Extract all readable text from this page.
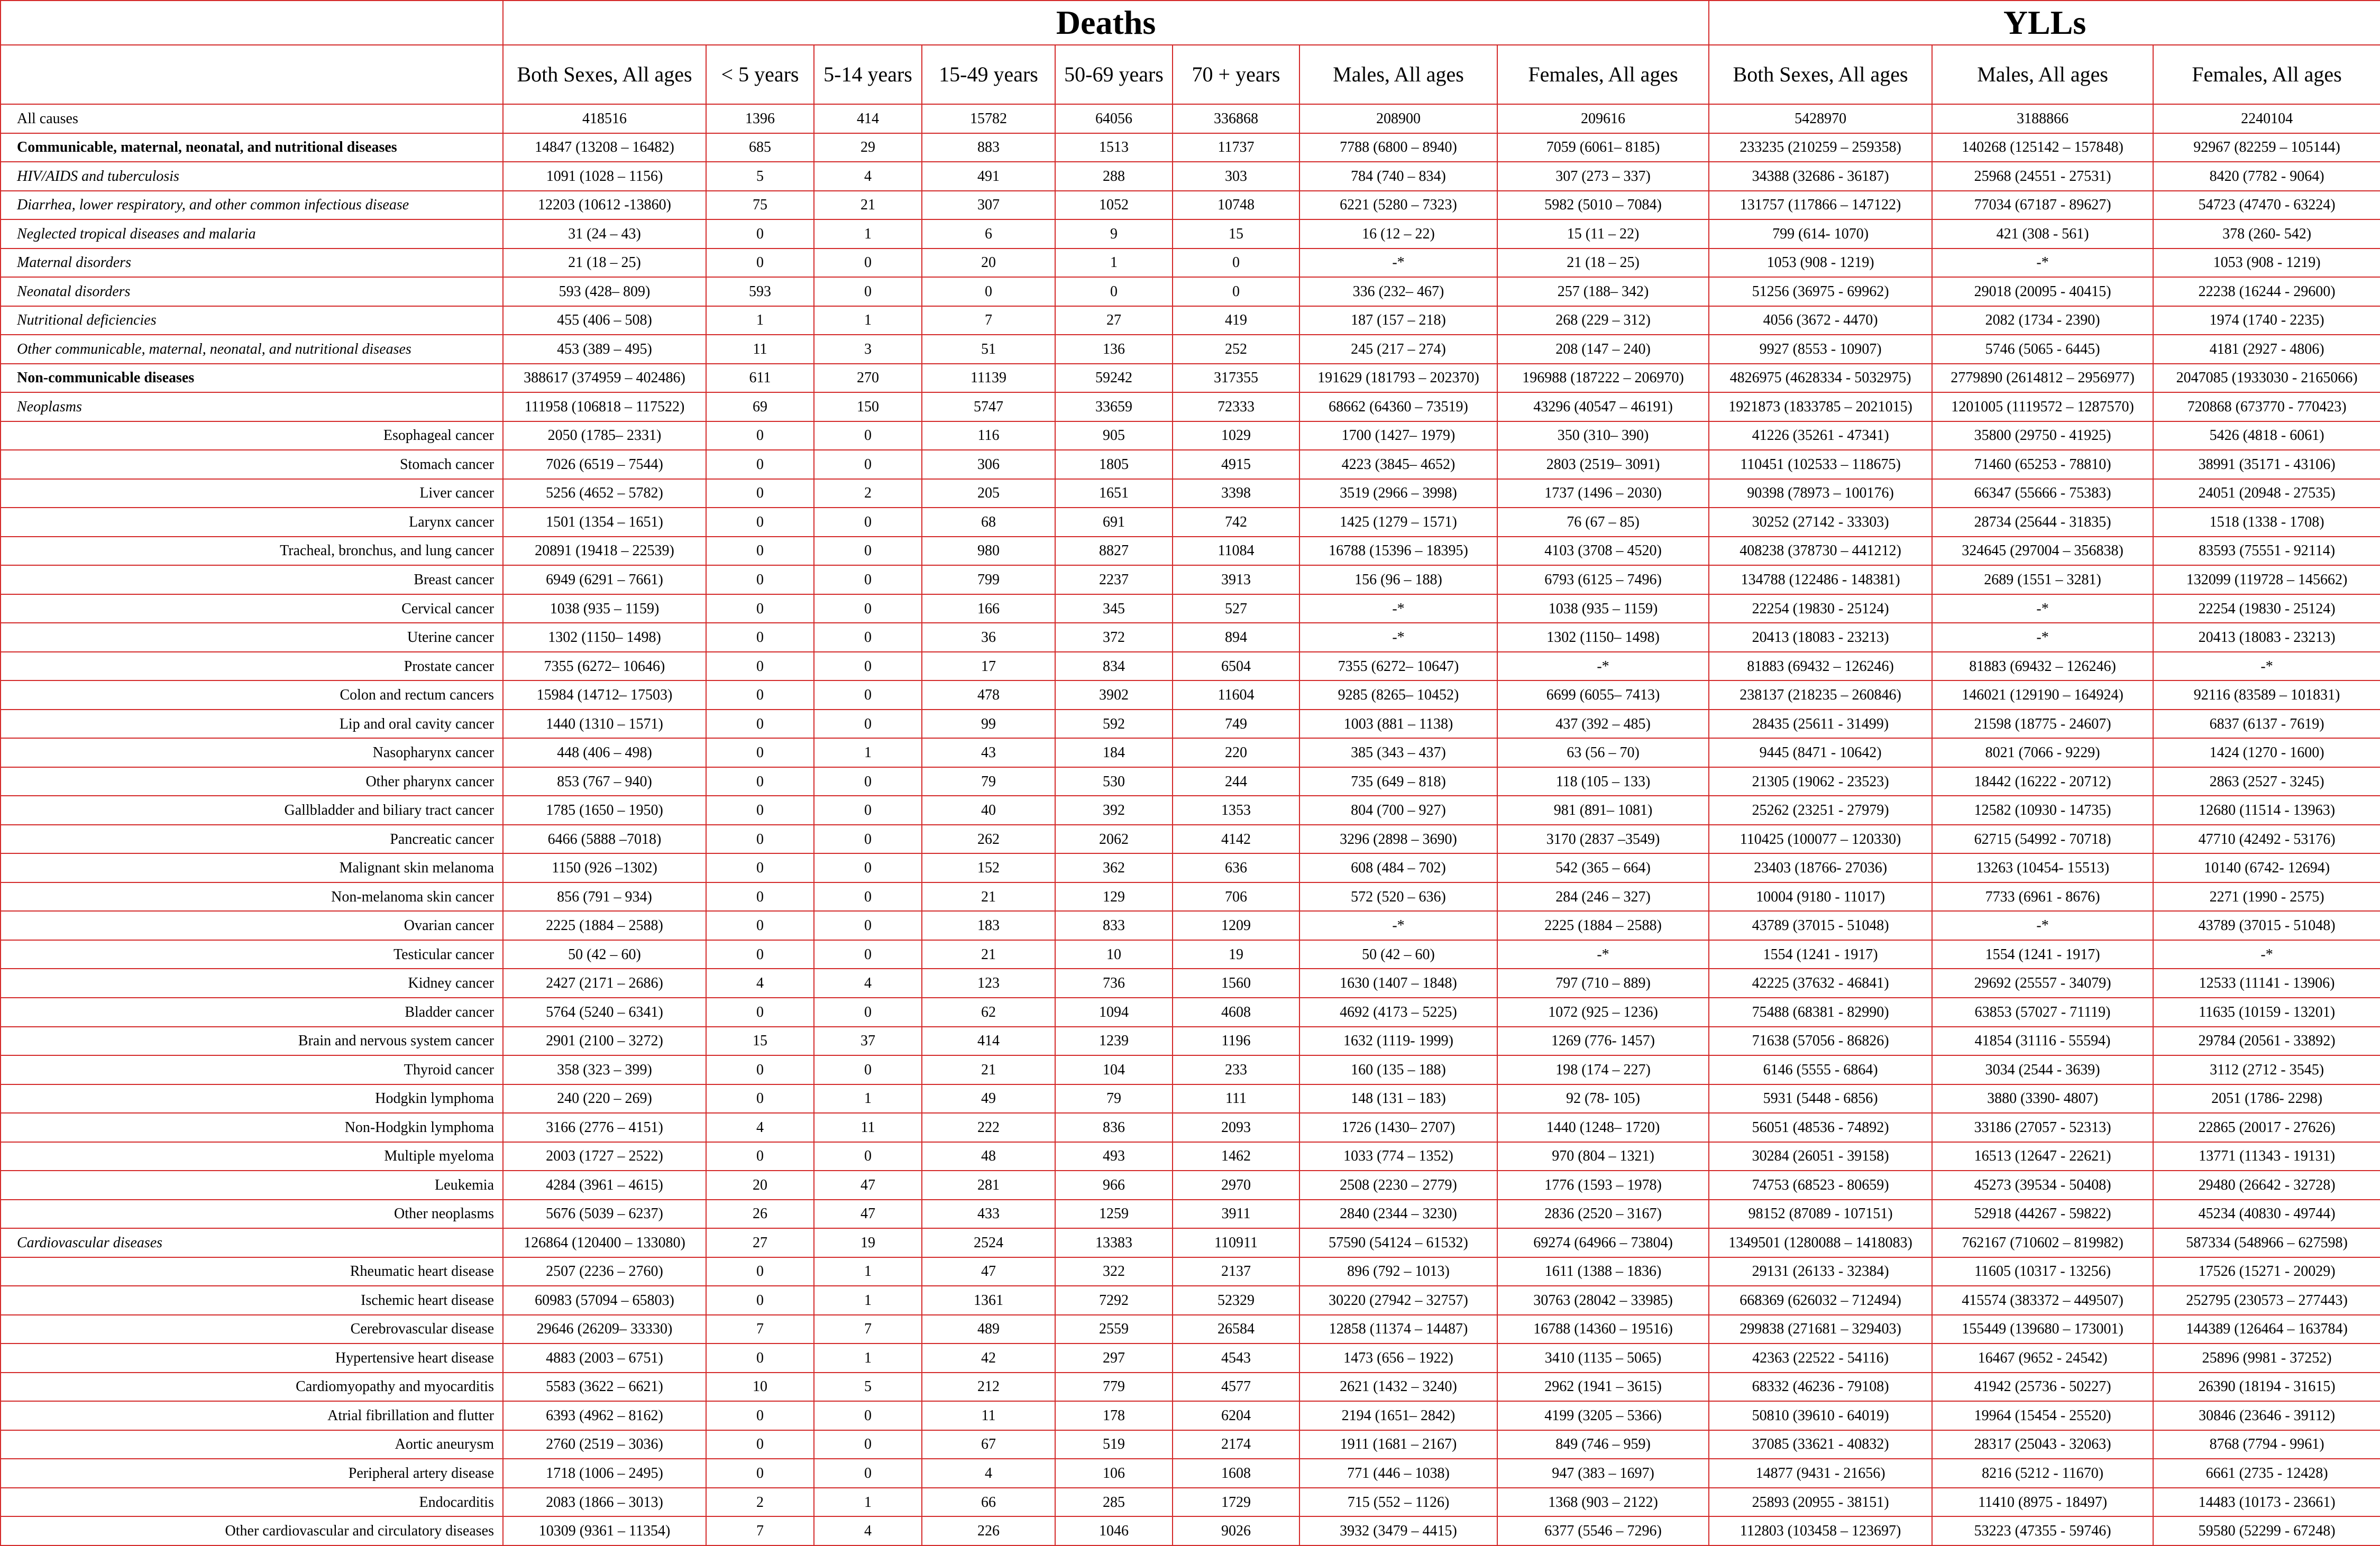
	Deaths								YLLs		
	Both Sexes, All ages	< 5 years	5-14 years	15-49 years	50-69 years	70 + years	Males, All ages	Females, All ages	Both Sexes, All ages	Males, All ages	Females, All ages
All causes	418516	1396	414	15782	64056	336868	208900	209616	5428970	3188866	2240104
Communicable, maternal, neonatal, and nutritional diseases	14847 (13208 – 16482)	685	29	883	1513	11737	7788 (6800 – 8940)	7059 (6061– 8185)	233235 (210259 – 259358)	140268 (125142 – 157848)	92967 (82259 – 105144)
HIV/AIDS and tuberculosis	1091 (1028 – 1156)	5	4	491	288	303	784 (740 – 834)	307 (273 – 337)	34388 (32686 - 36187)	25968 (24551 - 27531)	8420 (7782 - 9064)
Diarrhea, lower respiratory, and other common infectious disease	12203 (10612 -13860)	75	21	307	1052	10748	6221 (5280 – 7323)	5982 (5010 – 7084)	131757 (117866 – 147122)	77034 (67187 - 89627)	54723 (47470 - 63224)
Neglected tropical diseases and malaria	31 (24 – 43)	0	1	6	9	15	16 (12 – 22)	15 (11 – 22)	799 (614- 1070)	421 (308 - 561)	378 (260- 542)
Maternal disorders	21 (18 – 25)	0	0	20	1	0	-*	21 (18 – 25)	1053 (908 - 1219)	-*	1053 (908 - 1219)
Neonatal disorders	593 (428– 809)	593	0	0	0	0	336 (232– 467)	257 (188– 342)	51256 (36975 - 69962)	29018 (20095 - 40415)	22238 (16244 - 29600)
Nutritional deficiencies	455 (406 – 508)	1	1	7	27	419	187 (157 – 218)	268 (229 – 312)	4056 (3672 - 4470)	2082 (1734 - 2390)	1974 (1740 - 2235)
Other communicable, maternal, neonatal, and nutritional diseases	453 (389 – 495)	11	3	51	136	252	245 (217 – 274)	208 (147 – 240)	9927 (8553 - 10907)	5746 (5065 - 6445)	4181 (2927 - 4806)
Non-communicable diseases	388617 (374959 – 402486)	611	270	11139	59242	317355	191629 (181793 – 202370)	196988 (187222 – 206970)	4826975 (4628334 - 5032975)	2779890 (2614812 – 2956977)	2047085 (1933030 - 2165066)
Neoplasms	111958 (106818 – 117522)	69	150	5747	33659	72333	68662 (64360 – 73519)	43296 (40547 – 46191)	1921873 (1833785 – 2021015)	1201005 (1119572 – 1287570)	720868 (673770 - 770423)
Esophageal cancer	2050 (1785– 2331)	0	0	116	905	1029	1700 (1427– 1979)	350 (310– 390)	41226 (35261 - 47341)	35800 (29750 - 41925)	5426 (4818 - 6061)
Stomach cancer	7026 (6519 – 7544)	0	0	306	1805	4915	4223 (3845– 4652)	2803 (2519– 3091)	110451 (102533 – 118675)	71460 (65253 - 78810)	38991 (35171 - 43106)
Liver cancer	5256 (4652 – 5782)	0	2	205	1651	3398	3519 (2966 – 3998)	1737 (1496 – 2030)	90398 (78973 – 100176)	66347 (55666 - 75383)	24051 (20948 - 27535)
Larynx cancer	1501 (1354 – 1651)	0	0	68	691	742	1425 (1279 – 1571)	76 (67 – 85)	30252 (27142 - 33303)	28734 (25644 - 31835)	1518 (1338 - 1708)
Tracheal, bronchus, and lung cancer	20891 (19418 – 22539)	0	0	980	8827	11084	16788 (15396 – 18395)	4103 (3708 – 4520)	408238 (378730 – 441212)	324645 (297004 – 356838)	83593 (75551 - 92114)
Breast cancer	6949 (6291 – 7661)	0	0	799	2237	3913	156 (96 – 188)	6793 (6125 – 7496)	134788 (122486 - 148381)	2689 (1551 – 3281)	132099 (119728 – 145662)
Cervical cancer	1038 (935 – 1159)	0	0	166	345	527	-*	1038 (935 – 1159)	22254 (19830 - 25124)	-*	22254 (19830 - 25124)
Uterine cancer	1302 (1150– 1498)	0	0	36	372	894	-*	1302 (1150– 1498)	20413 (18083 - 23213)	-*	20413 (18083 - 23213)
Prostate cancer	7355 (6272– 10646)	0	0	17	834	6504	7355 (6272– 10647)	-*	81883 (69432 – 126246)	81883 (69432 – 126246)	-*
Colon and rectum cancers	15984 (14712– 17503)	0	0	478	3902	11604	9285 (8265– 10452)	6699 (6055– 7413)	238137 (218235 – 260846)	146021 (129190 – 164924)	92116 (83589 – 101831)
Lip and oral cavity cancer	1440 (1310 – 1571)	0	0	99	592	749	1003 (881 – 1138)	437 (392 – 485)	28435 (25611 - 31499)	21598 (18775 - 24607)	6837 (6137 - 7619)
Nasopharynx cancer	448 (406 – 498)	0	1	43	184	220	385 (343 – 437)	63 (56 – 70)	9445 (8471 - 10642)	8021 (7066 - 9229)	1424 (1270 - 1600)
Other pharynx cancer	853 (767 – 940)	0	0	79	530	244	735 (649 – 818)	118 (105 – 133)	21305 (19062 - 23523)	18442 (16222 - 20712)	2863 (2527 - 3245)
Gallbladder and biliary tract cancer	1785 (1650 – 1950)	0	0	40	392	1353	804 (700 – 927)	981 (891– 1081)	25262 (23251 - 27979)	12582 (10930 - 14735)	12680 (11514 - 13963)
Pancreatic cancer	6466 (5888 –7018)	0	0	262	2062	4142	3296 (2898 – 3690)	3170 (2837 –3549)	110425 (100077 – 120330)	62715 (54992 - 70718)	47710 (42492 - 53176)
Malignant skin melanoma	1150 (926 –1302)	0	0	152	362	636	608 (484 – 702)	542 (365 – 664)	23403 (18766- 27036)	13263 (10454- 15513)	10140 (6742- 12694)
Non-melanoma skin cancer	856 (791 – 934)	0	0	21	129	706	572 (520 – 636)	284 (246 – 327)	10004 (9180 - 11017)	7733 (6961 - 8676)	2271 (1990 - 2575)
Ovarian cancer	2225 (1884 – 2588)	0	0	183	833	1209	-*	2225 (1884 – 2588)	43789 (37015 - 51048)	-*	43789 (37015 - 51048)
Testicular cancer	50 (42 – 60)	0	0	21	10	19	50 (42 – 60)	-*	1554 (1241 - 1917)	1554 (1241 - 1917)	-*
Kidney cancer	2427 (2171 – 2686)	4	4	123	736	1560	1630 (1407 – 1848)	797 (710 – 889)	42225 (37632 - 46841)	29692 (25557 - 34079)	12533 (11141 - 13906)
Bladder cancer	5764 (5240 – 6341)	0	0	62	1094	4608	4692 (4173 – 5225)	1072 (925 – 1236)	75488 (68381 - 82990)	63853 (57027 - 71119)	11635 (10159 - 13201)
Brain and nervous system cancer	2901 (2100 – 3272)	15	37	414	1239	1196	1632 (1119- 1999)	1269 (776- 1457)	71638 (57056 - 86826)	41854 (31116 - 55594)	29784 (20561 - 33892)
Thyroid cancer	358 (323 – 399)	0	0	21	104	233	160 (135 – 188)	198 (174 – 227)	6146 (5555 - 6864)	3034 (2544 - 3639)	3112 (2712 - 3545)
Hodgkin lymphoma	240 (220 – 269)	0	1	49	79	111	148 (131 – 183)	92 (78- 105)	5931 (5448 - 6856)	3880 (3390- 4807)	2051 (1786- 2298)
Non-Hodgkin lymphoma	3166 (2776 – 4151)	4	11	222	836	2093	1726 (1430– 2707)	1440 (1248– 1720)	56051 (48536 - 74892)	33186 (27057 - 52313)	22865 (20017 - 27626)
Multiple myeloma	2003 (1727 – 2522)	0	0	48	493	1462	1033 (774 – 1352)	970 (804 – 1321)	30284 (26051 - 39158)	16513 (12647 - 22621)	13771 (11343 - 19131)
Leukemia	4284 (3961 – 4615)	20	47	281	966	2970	2508 (2230 – 2779)	1776 (1593 – 1978)	74753 (68523 - 80659)	45273 (39534 - 50408)	29480 (26642 - 32728)
Other neoplasms	5676 (5039 – 6237)	26	47	433	1259	3911	2840 (2344 – 3230)	2836 (2520 – 3167)	98152 (87089 - 107151)	52918 (44267 - 59822)	45234 (40830 - 49744)
Cardiovascular diseases	126864 (120400 – 133080)	27	19	2524	13383	110911	57590 (54124 – 61532)	69274 (64966 – 73804)	1349501 (1280088 – 1418083)	762167 (710602 – 819982)	587334 (548966 – 627598)
Rheumatic heart disease	2507 (2236 – 2760)	0	1	47	322	2137	896 (792 – 1013)	1611 (1388 – 1836)	29131 (26133 - 32384)	11605 (10317 - 13256)	17526 (15271 - 20029)
Ischemic heart disease	60983 (57094 – 65803)	0	1	1361	7292	52329	30220 (27942 – 32757)	30763 (28042 – 33985)	668369 (626032 – 712494)	415574 (383372 – 449507)	252795 (230573 – 277443)
Cerebrovascular disease	29646 (26209– 33330)	7	7	489	2559	26584	12858 (11374 – 14487)	16788 (14360 – 19516)	299838 (271681 – 329403)	155449 (139680 – 173001)	144389 (126464 – 163784)
Hypertensive heart disease	4883 (2003 – 6751)	0	1	42	297	4543	1473 (656 – 1922)	3410 (1135 – 5065)	42363 (22522 - 54116)	16467 (9652 - 24542)	25896 (9981 - 37252)
Cardiomyopathy and myocarditis	5583 (3622 – 6621)	10	5	212	779	4577	2621 (1432 – 3240)	2962 (1941 – 3615)	68332 (46236 - 79108)	41942 (25736 - 50227)	26390 (18194 - 31615)
Atrial fibrillation and flutter	6393 (4962 – 8162)	0	0	11	178	6204	2194 (1651– 2842)	4199 (3205 – 5366)	50810 (39610 - 64019)	19964 (15454 - 25520)	30846 (23646 - 39112)
Aortic aneurysm	2760 (2519 – 3036)	0	0	67	519	2174	1911 (1681 – 2167)	849 (746 – 959)	37085 (33621 - 40832)	28317 (25043 - 32063)	8768 (7794 - 9961)
Peripheral artery disease	1718 (1006 – 2495)	0	0	4	106	1608	771 (446 – 1038)	947 (383 – 1697)	14877 (9431 - 21656)	8216 (5212 - 11670)	6661 (2735 - 12428)
Endocarditis	2083 (1866 – 3013)	2	1	66	285	1729	715 (552 – 1126)	1368 (903 – 2122)	25893 (20955 - 38151)	11410 (8975 - 18497)	14483 (10173 - 23661)
Other cardiovascular and circulatory diseases	10309 (9361 – 11354)	7	4	226	1046	9026	3932 (3479 – 4415)	6377 (5546 – 7296)	112803 (103458 – 123697)	53223 (47355 - 59746)	59580 (52299 - 67248)
